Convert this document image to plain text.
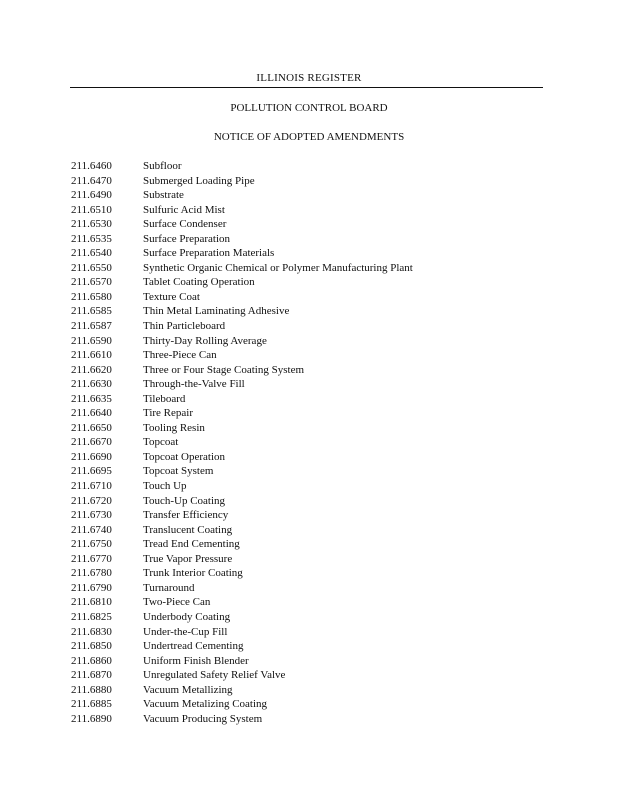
ILLINOIS REGISTER
POLLUTION CONTROL BOARD
NOTICE OF ADOPTED AMENDMENTS
211.6460	Subfloor
211.6470	Submerged Loading Pipe
211.6490	Substrate
211.6510	Sulfuric Acid Mist
211.6530	Surface Condenser
211.6535	Surface Preparation
211.6540	Surface Preparation Materials
211.6550	Synthetic Organic Chemical or Polymer Manufacturing Plant
211.6570	Tablet Coating Operation
211.6580	Texture Coat
211.6585	Thin Metal Laminating Adhesive
211.6587	Thin Particleboard
211.6590	Thirty-Day Rolling Average
211.6610	Three-Piece Can
211.6620	Three or Four Stage Coating System
211.6630	Through-the-Valve Fill
211.6635	Tileboard
211.6640	Tire Repair
211.6650	Tooling Resin
211.6670	Topcoat
211.6690	Topcoat Operation
211.6695	Topcoat System
211.6710	Touch Up
211.6720	Touch-Up Coating
211.6730	Transfer Efficiency
211.6740	Translucent Coating
211.6750	Tread End Cementing
211.6770	True Vapor Pressure
211.6780	Trunk Interior Coating
211.6790	Turnaround
211.6810	Two-Piece Can
211.6825	Underbody Coating
211.6830	Under-the-Cup Fill
211.6850	Undertread Cementing
211.6860	Uniform Finish Blender
211.6870	Unregulated Safety Relief Valve
211.6880	Vacuum Metallizing
211.6885	Vacuum Metalizing Coating
211.6890	Vacuum Producing System
